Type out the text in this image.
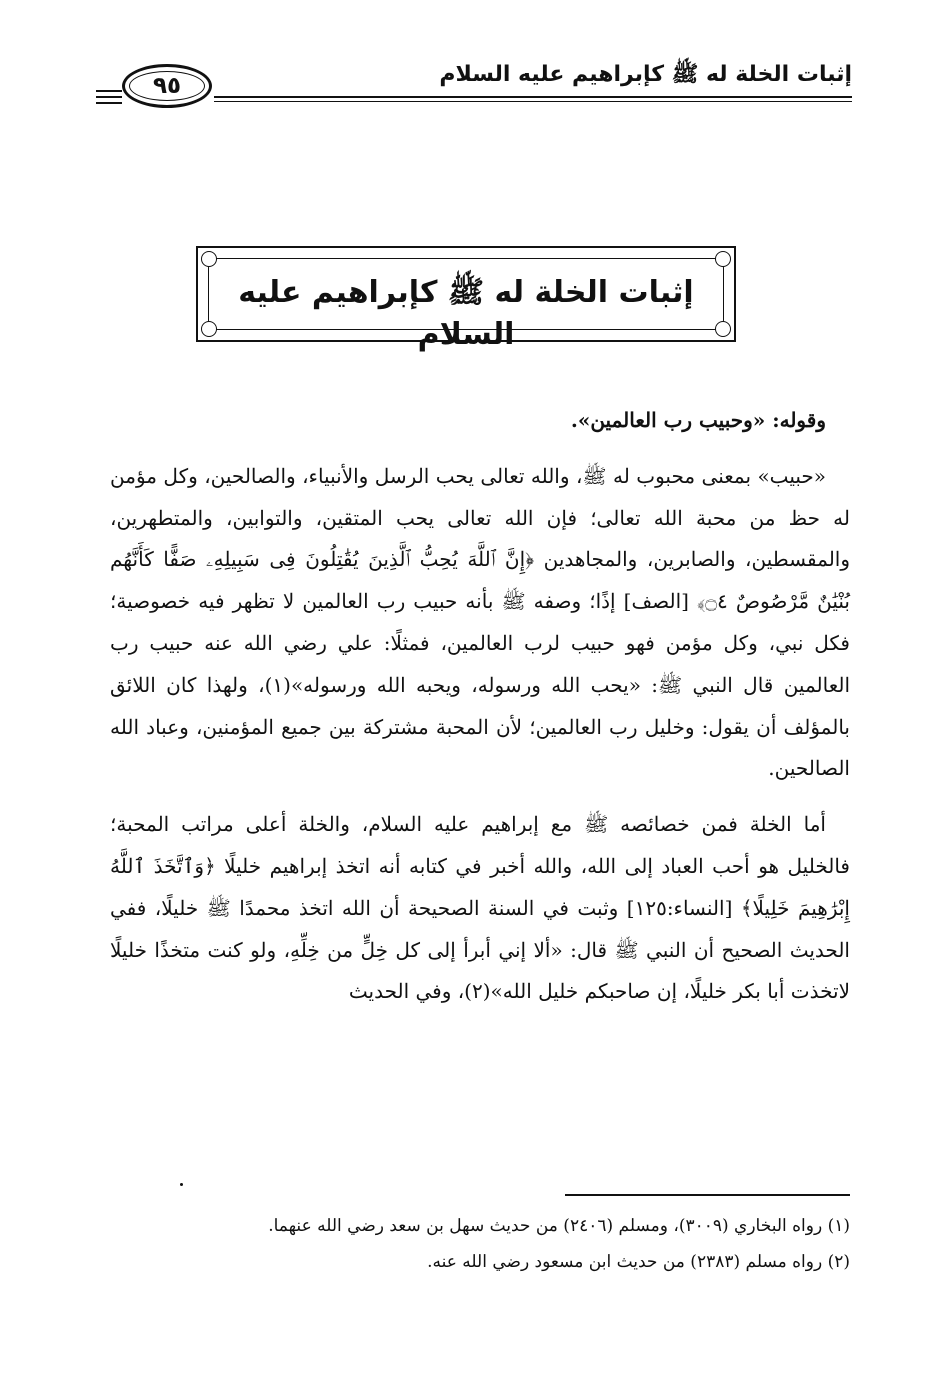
إثبات الخلة له ﷺ كإبراهيم عليه السلام
٩٥
إثبات الخلة له ﷺ كإبراهيم عليه السلام

وقوله: «وحبيب رب العالمين».

«حبيب» بمعنى محبوب له ﷺ، والله تعالى يحب الرسل والأنبياء، والصالحين، وكل مؤمن له حظ من محبة الله تعالى؛ فإن الله تعالى يحب المتقين، والتوابين، والمتطهرين، والمقسطين، والصابرين، والمجاهدين ﴿إِنَّ ٱللَّهَ يُحِبُّ ٱلَّذِينَ يُقَٰتِلُونَ فِى سَبِيلِهِۦ صَفًّا كَأَنَّهُم بُنْيَٰنٌ مَّرْصُوصٌ ۝٤﴾ [الصف] إذًا؛ وصفه ﷺ بأنه حبيب رب العالمين لا تظهر فيه خصوصية؛ فكل نبي، وكل مؤمن فهو حبيب لرب العالمين، فمثلًا: علي رضي الله عنه حبيب رب العالمين قال النبي ﷺ: «يحب الله ورسوله، ويحبه الله ورسوله»(١)، ولهذا كان اللائق بالمؤلف أن يقول: وخليل رب العالمين؛ لأن المحبة مشتركة بين جميع المؤمنين، وعباد الله الصالحين.

أما الخلة فمن خصائصه ﷺ مع إبراهيم عليه السلام، والخلة أعلى مراتب المحبة؛ فالخليل هو أحب العباد إلى الله، والله أخبر في كتابه أنه اتخذ إبراهيم خليلًا ﴿وَٱتَّخَذَ ٱللَّهُ إِبْرَٰهِيمَ خَلِيلًا﴾ [النساء:١٢٥] وثبت في السنة الصحيحة أن الله اتخذ محمدًا ﷺ خليلًا، ففي الحديث الصحيح أن النبي ﷺ قال: «ألا إني أبرأ إلى كل خِلٍّ من خِلِّهِ، ولو كنت متخذًا خليلًا لاتخذت أبا بكر خليلًا، إن صاحبكم خليل الله»(٢)، وفي الحديث

(١) رواه البخاري (٣٠٠٩)، ومسلم (٢٤٠٦) من حديث سهل بن سعد رضي الله عنهما.
(٢) رواه مسلم (٢٣٨٣) من حديث ابن مسعود رضي الله عنه.
